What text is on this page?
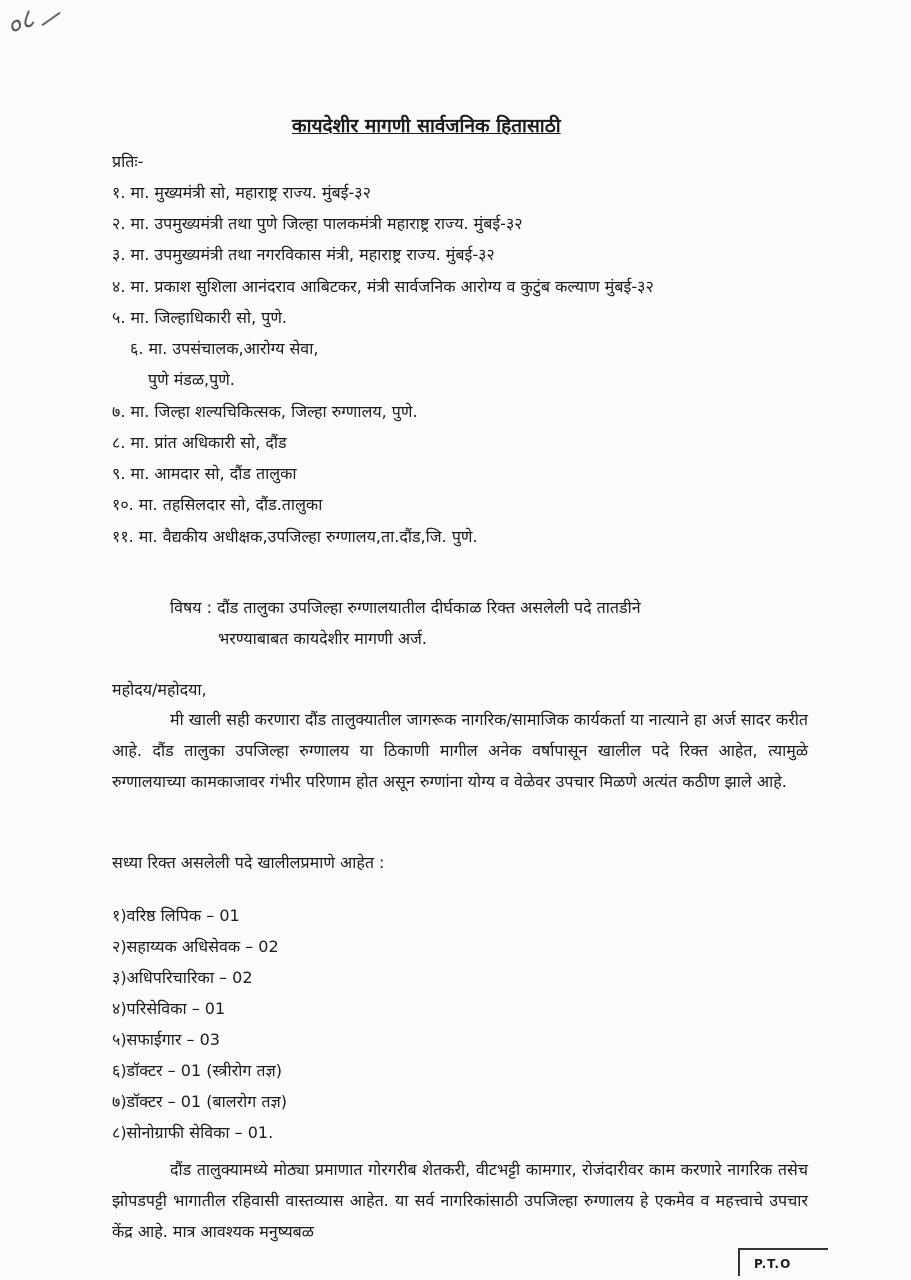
०८
कायदेशीर मागणी सार्वजनिक हितासाठी
प्रतिः-
१. मा. मुख्यमंत्री सो, महाराष्ट्र राज्य. मुंबई-३२
२. मा. उपमुख्यमंत्री तथा पुणे जिल्हा पालकमंत्री महाराष्ट्र राज्य. मुंबई-३२
३. मा. उपमुख्यमंत्री तथा नगरविकास मंत्री, महाराष्ट्र राज्य. मुंबई-३२
४. मा. प्रकाश सुशिला आनंदराव आबिटकर, मंत्री सार्वजनिक आरोग्य व कुटुंब कल्याण मुंबई-३२
५. मा. जिल्हाधिकारी सो, पुणे.
६. मा. उपसंचालक,आरोग्य सेवा,
पुणे मंडळ,पुणे.
७. मा. जिल्हा शल्यचिकित्सक, जिल्हा रुग्णालय, पुणे.
८. मा. प्रांत अधिकारी सो, दौंड
९. मा. आमदार सो, दौंड तालुका
१०. मा. तहसिलदार सो, दौंड.तालुका
११. मा. वैद्यकीय अधीक्षक,उपजिल्हा रुग्णालय,ता.दौंड,जि. पुणे.
विषय : दौंड तालुका उपजिल्हा रुग्णालयातील दीर्घकाळ रिक्त असलेली पदे तातडीने
भरण्याबाबत कायदेशीर मागणी अर्ज.
महोदय/महोदया,
मी खाली सही करणारा दौंड तालुक्यातील जागरूक नागरिक/सामाजिक कार्यकर्ता या नात्याने हा अर्ज सादर करीत आहे. दौंड तालुका उपजिल्हा रुग्णालय या ठिकाणी मागील अनेक वर्षापासून खालील पदे रिक्त आहेत, त्यामुळे रुग्णालयाच्या कामकाजावर गंभीर परिणाम होत असून रुग्णांना योग्य व वेळेवर उपचार मिळणे अत्यंत कठीण झाले आहे.
सध्या रिक्त असलेली पदे खालीलप्रमाणे आहेत :
१)वरिष्ठ लिपिक – 01
२)सहाय्यक अधिसेवक – 02
३)अधिपरिचारिका – 02
४)परिसेविका – 01
५)सफाईगार – 03
६)डॉक्टर – 01 (स्त्रीरोग तज्ञ)
७)डॉक्टर – 01 (बालरोग तज्ञ)
८)सोनोग्राफी सेविका – 01.
दौंड तालुक्यामध्ये मोठ्या प्रमाणात गोरगरीब शेतकरी, वीटभट्टी कामगार, रोजंदारीवर काम करणारे नागरिक तसेच झोपडपट्टी भागातील रहिवासी वास्तव्यास आहेत. या सर्व नागरिकांसाठी उपजिल्हा रुग्णालय हे एकमेव व महत्त्वाचे उपचार केंद्र आहे. मात्र आवश्यक मनुष्यबळ
P.T.O
